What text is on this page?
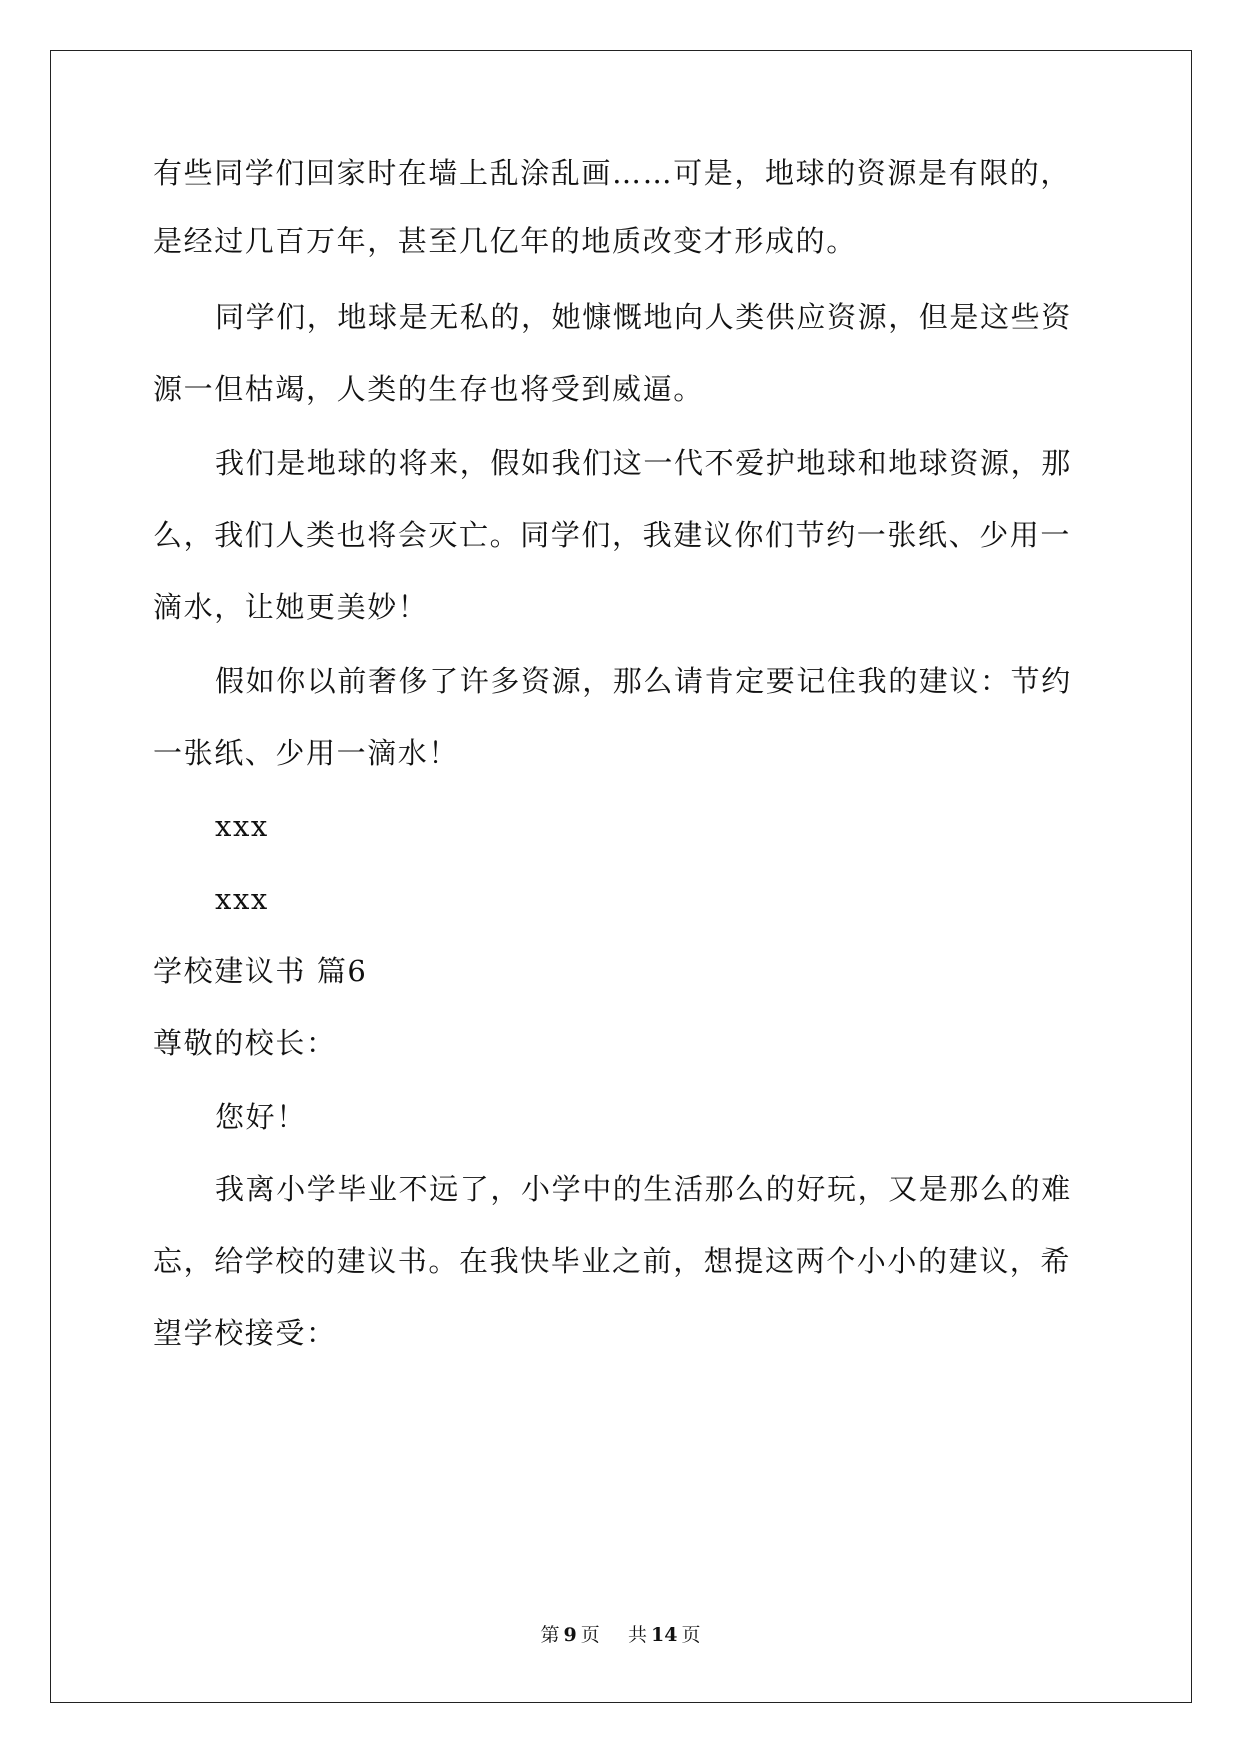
有些同学们回家时在墙上乱涂乱画……可是，地球的资源是有限的，
是经过几百万年，甚至几亿年的地质改变才形成的。
同学们，地球是无私的，她慷慨地向人类供应资源，但是这些资
源一但枯竭，人类的生存也将受到威逼。
我们是地球的将来，假如我们这一代不爱护地球和地球资源，那
么，我们人类也将会灭亡。同学们，我建议你们节约一张纸、少用一
滴水，让她更美妙！
假如你以前奢侈了许多资源，那么请肯定要记住我的建议：节约
一张纸、少用一滴水！
xxx
xxx
学校建议书 篇6
尊敬的校长：
您好！
我离小学毕业不远了，小学中的生活那么的好玩，又是那么的难
忘，给学校的建议书。在我快毕业之前，想提这两个小小的建议，希
望学校接受：
第 9 页 共 14 页
